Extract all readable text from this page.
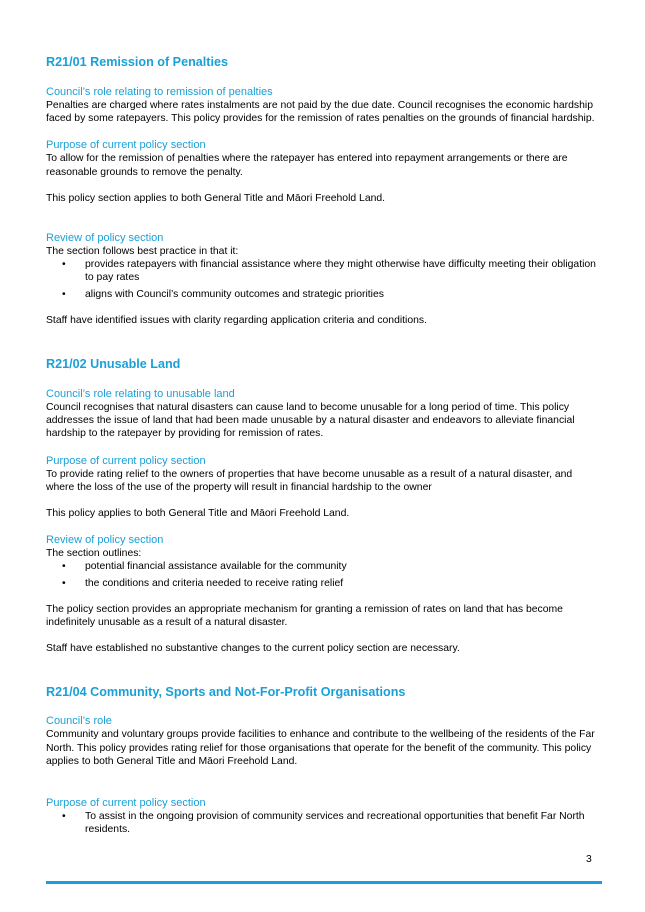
R21/01 Remission of Penalties
Council’s role relating to remission of penalties

Penalties are charged where rates instalments are not paid by the due date. Council recognises the economic hardship faced by some ratepayers. This policy provides for the remission of rates penalties on the grounds of financial hardship.

Purpose of current policy section

To allow for the remission of penalties where the ratepayer has entered into repayment arrangements or there are reasonable grounds to remove the penalty.

This policy section applies to both General Title and Māori Freehold Land.

Review of policy section

The section follows best practice in that it:

• provides ratepayers with financial assistance where they might otherwise have difficulty meeting their obligation to pay rates
• aligns with Council’s community outcomes and strategic priorities

Staff have identified issues with clarity regarding application criteria and conditions.

R21/02 Unusable Land
Council’s role relating to unusable land

Council recognises that natural disasters can cause land to become unusable for a long period of time. This policy addresses the issue of land that had been made unusable by a natural disaster and endeavors to alleviate financial hardship to the ratepayer by providing for remission of rates.

Purpose of current policy section

To provide rating relief to the owners of properties that have become unusable as a result of a natural disaster, and where the loss of the use of the property will result in financial hardship to the owner

This policy applies to both General Title and Māori Freehold Land.

Review of policy section

The section outlines:

• potential financial assistance available for the community
• the conditions and criteria needed to receive rating relief

The policy section provides an appropriate mechanism for granting a remission of rates on land that has become indefinitely unusable as a result of a natural disaster.

Staff have established no substantive changes to the current policy section are necessary.

R21/04 Community, Sports and Not-For-Profit Organisations
Council’s role

Community and voluntary groups provide facilities to enhance and contribute to the wellbeing of the residents of the Far North. This policy provides rating relief for those organisations that operate for the benefit of the community. This policy applies to both General Title and Māori Freehold Land.

Purpose of current policy section
• To assist in the ongoing provision of community services and recreational opportunities that benefit Far North residents.
3
